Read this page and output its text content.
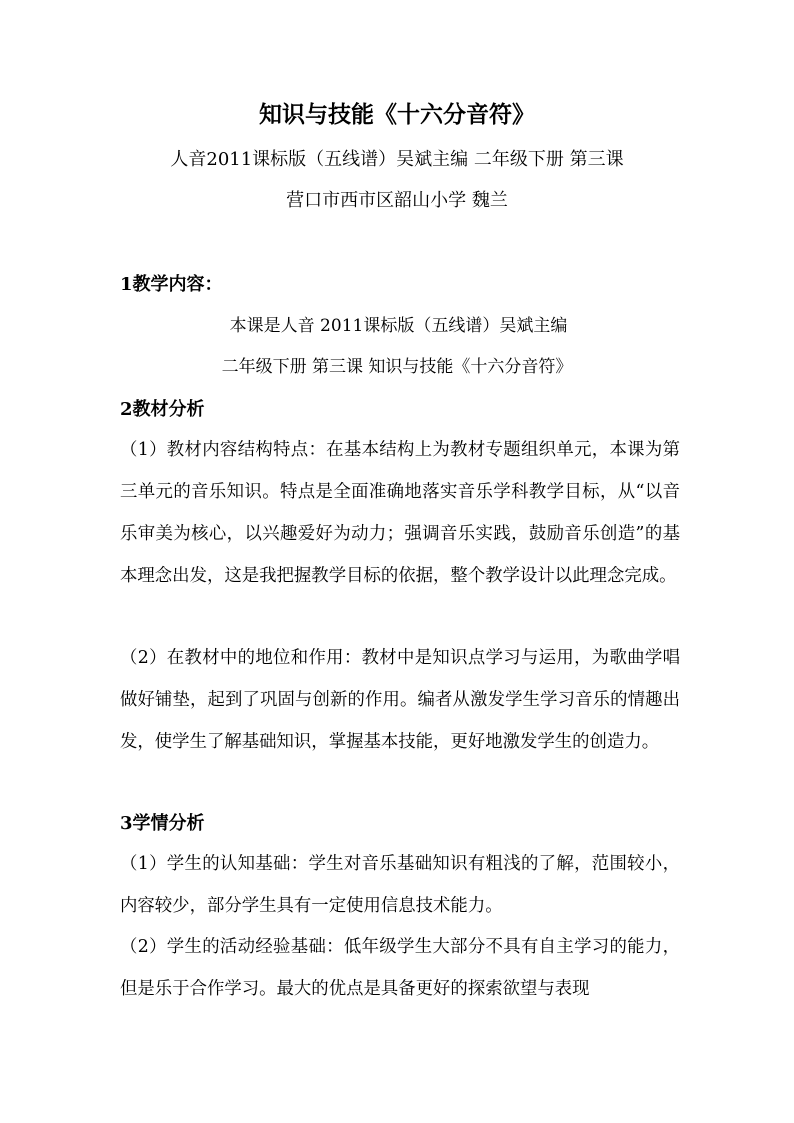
知识与技能《十六分音符》
人音2011课标版（五线谱）吴斌主编 二年级下册 第三课
营口市西市区韶山小学 魏兰
1教学内容：
本课是人音 2011课标版（五线谱）吴斌主编
二年级下册 第三课 知识与技能《十六分音符》
2教材分析

（1）教材内容结构特点：在基本结构上为教材专题组织单元，本课为第三单元的音乐知识。特点是全面准确地落实音乐学科教学目标，从“以音乐审美为核心，以兴趣爱好为动力；强调音乐实践，鼓励音乐创造”的基本理念出发，这是我把握教学目标的依据，整个教学设计以此理念完成。

（2）在教材中的地位和作用：教材中是知识点学习与运用，为歌曲学唱做好铺垫，起到了巩固与创新的作用。编者从激发学生学习音乐的情趣出发，使学生了解基础知识，掌握基本技能，更好地激发学生的创造力。

3学情分析

（1）学生的认知基础：学生对音乐基础知识有粗浅的了解，范围较小，内容较少，部分学生具有一定使用信息技术能力。

（2）学生的活动经验基础：低年级学生大部分不具有自主学习的能力，但是乐于合作学习。最大的优点是具备更好的探索欲望与表现
